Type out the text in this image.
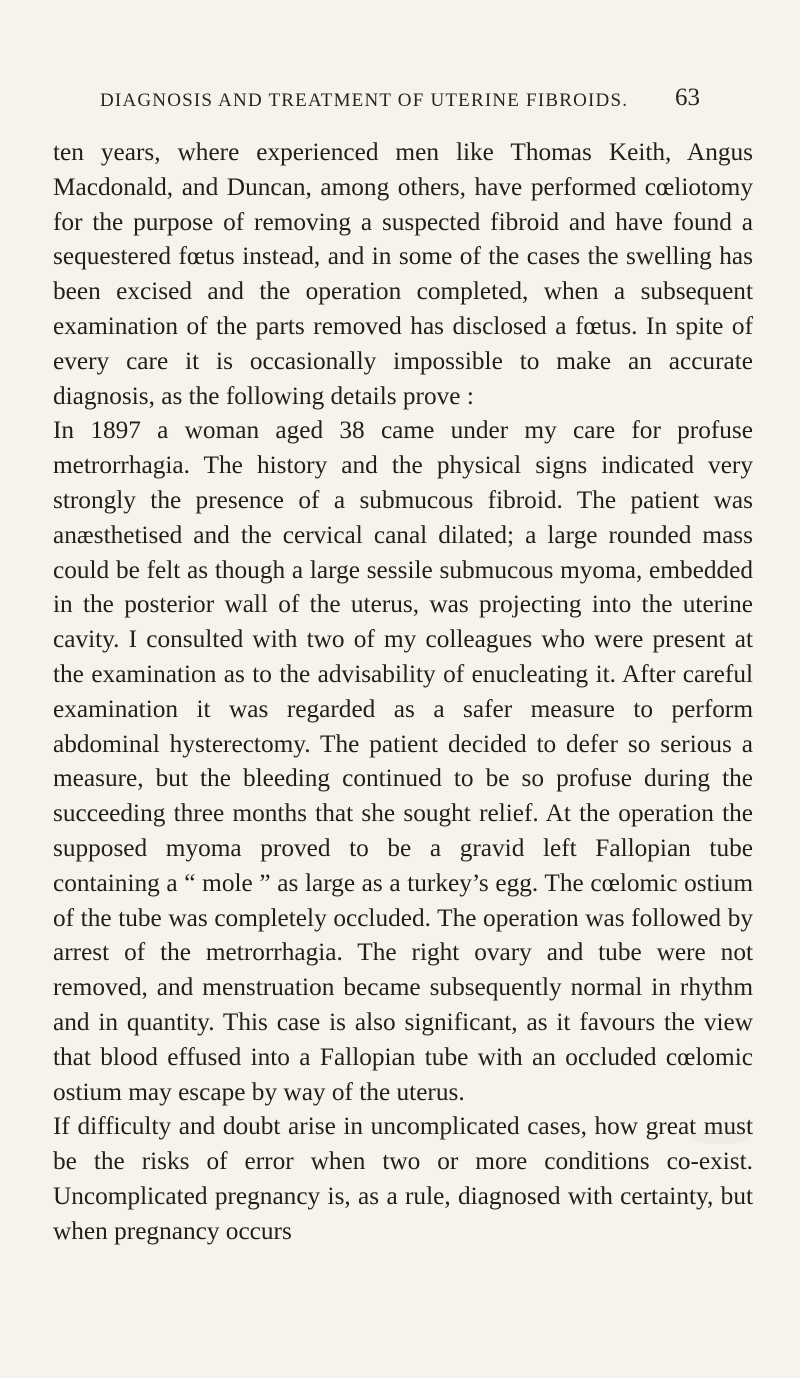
DIAGNOSIS AND TREATMENT OF UTERINE FIBROIDS. 63

ten years, where experienced men like Thomas Keith, Angus Macdonald, and Duncan, among others, have performed cœliotomy for the purpose of removing a suspected fibroid and have found a sequestered fœtus instead, and in some of the cases the swelling has been excised and the operation completed, when a subsequent examination of the parts removed has disclosed a fœtus. In spite of every care it is occasionally impossible to make an accurate diagnosis, as the following details prove :

In 1897 a woman aged 38 came under my care for profuse metrorrhagia. The history and the physical signs indicated very strongly the presence of a submucous fibroid. The patient was anæsthetised and the cervical canal dilated; a large rounded mass could be felt as though a large sessile submucous myoma, embedded in the posterior wall of the uterus, was projecting into the uterine cavity. I consulted with two of my colleagues who were present at the examination as to the advisability of enucleating it. After careful examination it was regarded as a safer measure to perform abdominal hysterectomy. The patient decided to defer so serious a measure, but the bleeding continued to be so profuse during the succeeding three months that she sought relief. At the operation the supposed myoma proved to be a gravid left Fallopian tube containing a “ mole ” as large as a turkey’s egg. The cœlomic ostium of the tube was completely occluded. The operation was followed by arrest of the metrorrhagia. The right ovary and tube were not removed, and menstruation became subsequently normal in rhythm and in quantity. This case is also significant, as it favours the view that blood effused into a Fallopian tube with an occluded cœlomic ostium may escape by way of the uterus.

If difficulty and doubt arise in uncomplicated cases, how great must be the risks of error when two or more conditions co-exist. Uncomplicated pregnancy is, as a rule, diagnosed with certainty, but when pregnancy occurs
